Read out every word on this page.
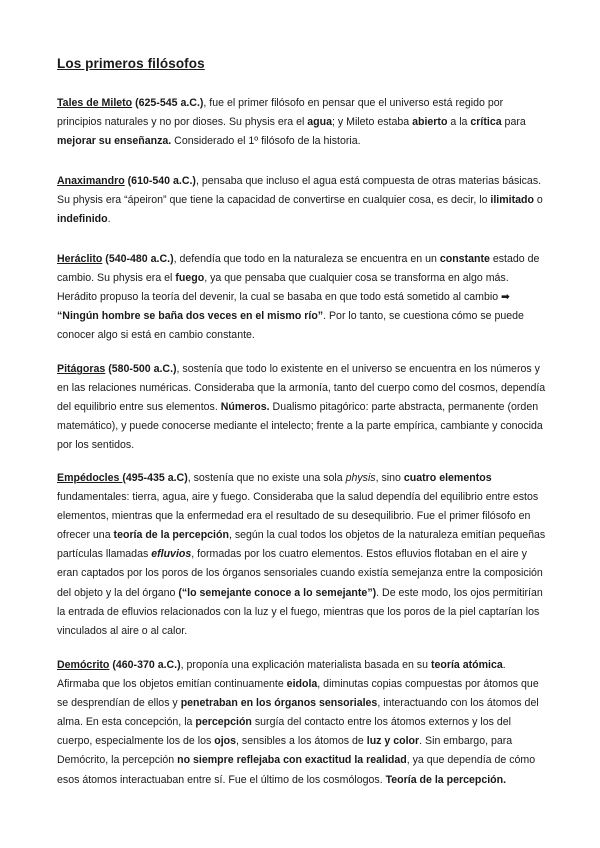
Los primeros filósofos

Tales de Mileto (625-545 a.C.), fue el primer filósofo en pensar que el universo está regido por principios naturales y no por dioses. Su physis era el agua; y Mileto estaba abierto a la crítica para mejorar su enseñanza. Considerado el 1º filósofo de la historia.

Anaximandro (610-540 a.C.), pensaba que incluso el agua está compuesta de otras materias básicas. Su physis era “ápeiron” que tiene la capacidad de convertirse en cualquier cosa, es decir, lo ilimitado o indefinido.

Heráclito (540-480 a.C.), defendía que todo en la naturaleza se encuentra en un constante estado de cambio. Su physis era el fuego, ya que pensaba que cualquier cosa se transforma en algo más. Herádito propuso la teoría del devenir, la cual se basaba en que todo está sometido al cambio ➡ “Ningún hombre se baña dos veces en el mismo río”. Por lo tanto, se cuestiona cómo se puede conocer algo si está en cambio constante.

Pitágoras (580-500 a.C.), sostenía que todo lo existente en el universo se encuentra en los números y en las relaciones numéricas. Consideraba que la armonía, tanto del cuerpo como del cosmos, dependía del equilibrio entre sus elementos. Números. Dualismo pitagórico: parte abstracta, permanente (orden matemático), y puede conocerse mediante el intelecto; frente a la parte empírica, cambiante y conocida por los sentidos.

Empédocles (495-435 a.C), sostenía que no existe una sola physis, sino cuatro elementos fundamentales: tierra, agua, aire y fuego. Consideraba que la salud dependía del equilibrio entre estos elementos, mientras que la enfermedad era el resultado de su desequilibrio. Fue el primer filósofo en ofrecer una teoría de la percepción, según la cual todos los objetos de la naturaleza emitían pequeñas partículas llamadas efluvios, formadas por los cuatro elementos. Estos efluvios flotaban en el aire y eran captados por los poros de los órganos sensoriales cuando existía semejanza entre la composición del objeto y la del órgano (“lo semejante conoce a lo semejante”). De este modo, los ojos permitirían la entrada de efluvios relacionados con la luz y el fuego, mientras que los poros de la piel captarían los vinculados al aire o al calor.

Demócrito (460-370 a.C.), proponía una explicación materialista basada en su teoría atómica. Afirmaba que los objetos emitían continuamente eidola, diminutas copias compuestas por átomos que se desprendían de ellos y penetraban en los órganos sensoriales, interactuando con los átomos del alma. En esta concepción, la percepción surgía del contacto entre los átomos externos y los del cuerpo, especialmente los de los ojos, sensibles a los átomos de luz y color. Sin embargo, para Demócrito, la percepción no siempre reflejaba con exactitud la realidad, ya que dependía de cómo esos átomos interactuaban entre sí. Fue el último de los cosmólogos. Teoría de la percepción.
